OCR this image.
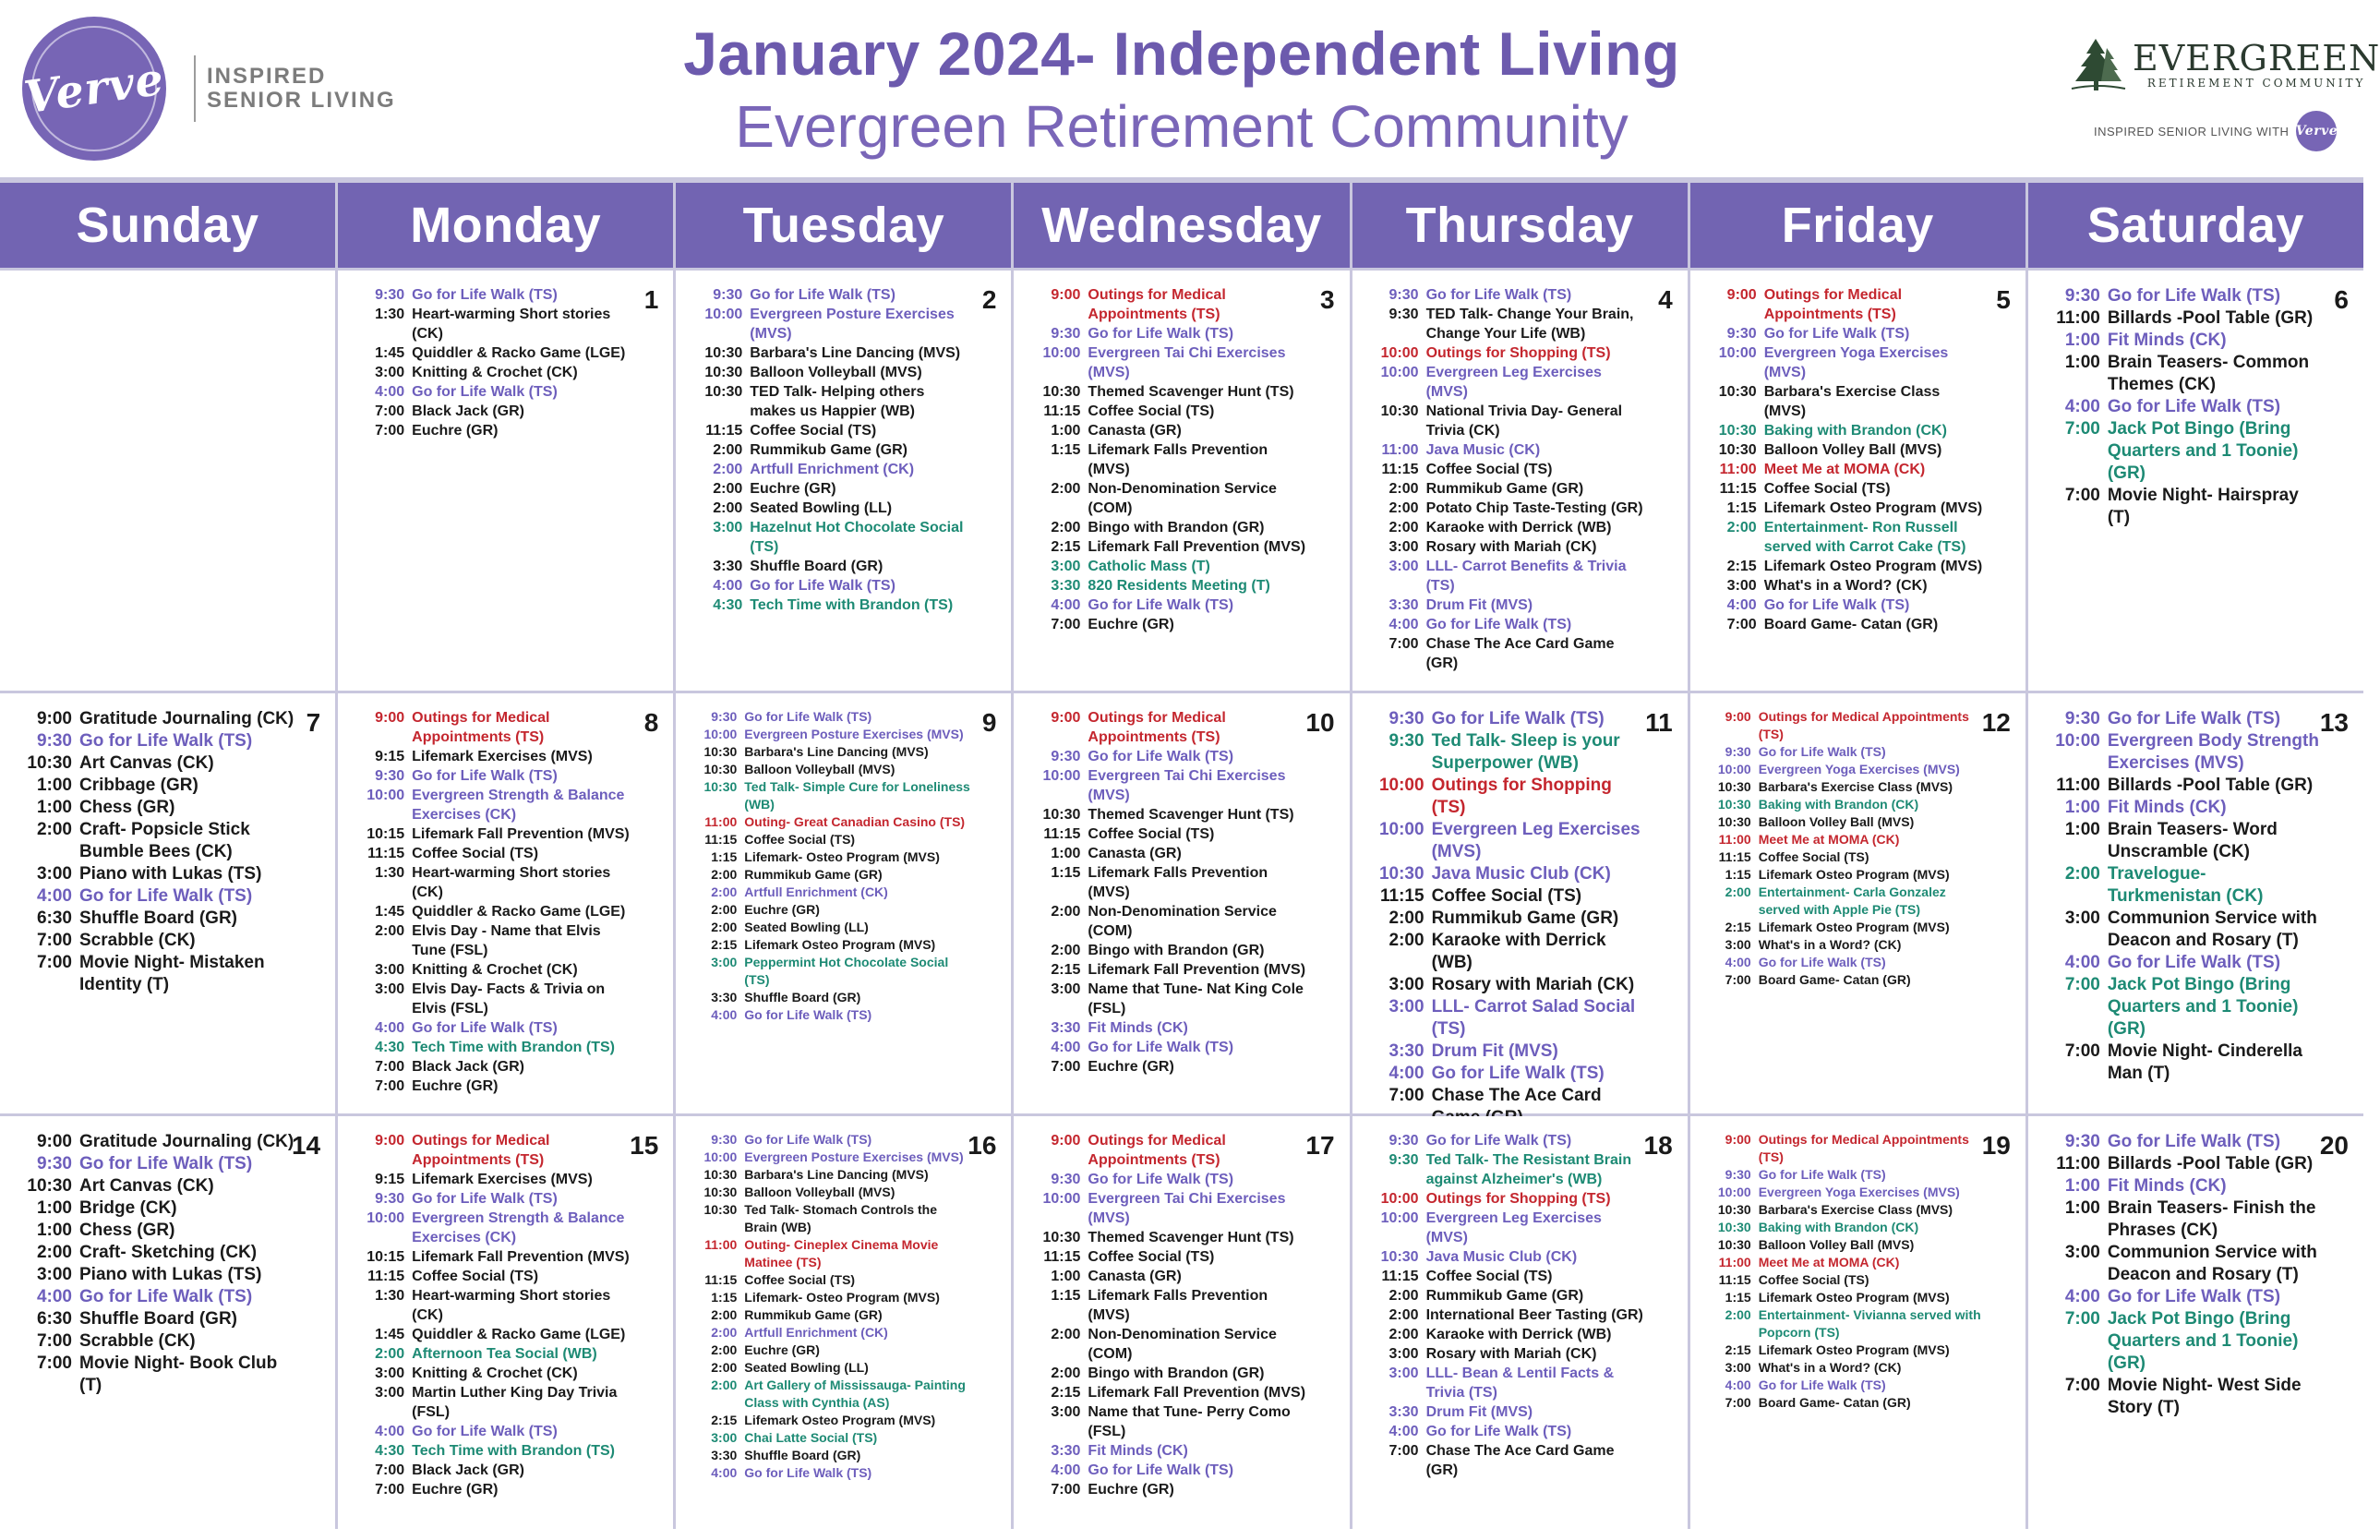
Verve INSPIRED
SENIOR LIVING
January 2024- Independent Living
Evergreen Retirement Community
EVERGREEN
RETIREMENT COMMUNITY
INSPIRED SENIOR LIVING WITH Verve
Sunday	Monday	Tuesday	Wednesday	Thursday	Friday	Saturday
1
9:30 Go for Life Walk (TS)
1:30 Heart-warming Short stories (CK)
1:45 Quiddler & Racko Game (LGE)
3:00 Knitting & Crochet (CK)
4:00 Go for Life Walk (TS)
7:00 Black Jack (GR)
7:00 Euchre (GR)
2
9:30 Go for Life Walk (TS)
10:00 Evergreen Posture Exercises (MVS)
10:30 Barbara's Line Dancing (MVS)
10:30 Balloon Volleyball (MVS)
10:30 TED Talk- Helping others makes us Happier (WB)
11:15 Coffee Social (TS)
2:00 Rummikub Game (GR)
2:00 Artfull Enrichment (CK)
2:00 Euchre (GR)
2:00 Seated Bowling (LL)
3:00 Hazelnut Hot Chocolate Social (TS)
3:30 Shuffle Board (GR)
4:00 Go for Life Walk (TS)
4:30 Tech Time with Brandon (TS)
3
9:00 Outings for Medical Appointments (TS)
9:30 Go for Life Walk (TS)
10:00 Evergreen Tai Chi Exercises (MVS)
10:30 Themed Scavenger Hunt (TS)
11:15 Coffee Social (TS)
1:00 Canasta (GR)
1:15 Lifemark Falls Prevention (MVS)
2:00 Non-Denomination Service (COM)
2:00 Bingo with Brandon (GR)
2:15 Lifemark Fall Prevention (MVS)
3:00 Catholic Mass (T)
3:30 820 Residents Meeting (T)
4:00 Go for Life Walk (TS)
7:00 Euchre (GR)
4
9:30 Go for Life Walk (TS)
9:30 TED Talk- Change Your Brain, Change Your Life (WB)
10:00 Outings for Shopping (TS)
10:00 Evergreen Leg Exercises (MVS)
10:30 National Trivia Day- General Trivia (CK)
11:00 Java Music (CK)
11:15 Coffee Social (TS)
2:00 Rummikub Game (GR)
2:00 Potato Chip Taste-Testing (GR)
2:00 Karaoke with Derrick (WB)
3:00 Rosary with Mariah (CK)
3:00 LLL- Carrot Benefits & Trivia (TS)
3:30 Drum Fit (MVS)
4:00 Go for Life Walk (TS)
7:00 Chase The Ace Card Game (GR)
5
9:00 Outings for Medical Appointments (TS)
9:30 Go for Life Walk (TS)
10:00 Evergreen Yoga Exercises (MVS)
10:30 Barbara's Exercise Class (MVS)
10:30 Baking with Brandon (CK)
10:30 Balloon Volley Ball (MVS)
11:00 Meet Me at MOMA (CK)
11:15 Coffee Social (TS)
1:15 Lifemark Osteo Program (MVS)
2:00 Entertainment- Ron Russell served with Carrot Cake (TS)
2:15 Lifemark Osteo Program (MVS)
3:00 What's in a Word? (CK)
4:00 Go for Life Walk (TS)
7:00 Board Game- Catan (GR)
6
9:30 Go for Life Walk (TS)
11:00 Billards -Pool Table (GR)
1:00 Fit Minds (CK)
1:00 Brain Teasers- Common Themes (CK)
4:00 Go for Life Walk (TS)
7:00 Jack Pot Bingo (Bring Quarters and 1 Toonie) (GR)
7:00 Movie Night- Hairspray (T)
7
9:00 Gratitude Journaling (CK)
9:30 Go for Life Walk (TS)
10:30 Art Canvas (CK)
1:00 Cribbage (GR)
1:00 Chess (GR)
2:00 Craft- Popsicle Stick Bumble Bees (CK)
3:00 Piano with Lukas (TS)
4:00 Go for Life Walk (TS)
6:30 Shuffle Board (GR)
7:00 Scrabble (CK)
7:00 Movie Night- Mistaken Identity (T)
8
9:00 Outings for Medical Appointments (TS)
9:15 Lifemark Exercises (MVS)
9:30 Go for Life Walk (TS)
10:00 Evergreen Strength & Balance Exercises (CK)
10:15 Lifemark Fall Prevention (MVS)
11:15 Coffee Social (TS)
1:30 Heart-warming Short stories (CK)
1:45 Quiddler & Racko Game (LGE)
2:00 Elvis Day - Name that Elvis Tune (FSL)
3:00 Knitting & Crochet (CK)
3:00 Elvis Day- Facts & Trivia on Elvis (FSL)
4:00 Go for Life Walk (TS)
4:30 Tech Time with Brandon (TS)
7:00 Black Jack (GR)
7:00 Euchre (GR)
9
9:30 Go for Life Walk (TS)
10:00 Evergreen Posture Exercises (MVS)
10:30 Barbara's Line Dancing (MVS)
10:30 Balloon Volleyball (MVS)
10:30 Ted Talk- Simple Cure for Loneliness (WB)
11:00 Outing- Great Canadian Casino (TS)
11:15 Coffee Social (TS)
1:15 Lifemark- Osteo Program (MVS)
2:00 Rummikub Game (GR)
2:00 Artfull Enrichment (CK)
2:00 Euchre (GR)
2:00 Seated Bowling (LL)
2:15 Lifemark Osteo Program (MVS)
3:00 Peppermint Hot Chocolate Social (TS)
3:30 Shuffle Board (GR)
4:00 Go for Life Walk (TS)
10
9:00 Outings for Medical Appointments (TS)
9:30 Go for Life Walk (TS)
10:00 Evergreen Tai Chi Exercises (MVS)
10:30 Themed Scavenger Hunt (TS)
11:15 Coffee Social (TS)
1:00 Canasta (GR)
1:15 Lifemark Falls Prevention (MVS)
2:00 Non-Denomination Service (COM)
2:00 Bingo with Brandon (GR)
2:15 Lifemark Fall Prevention (MVS)
3:00 Name that Tune- Nat King Cole (FSL)
3:30 Fit Minds (CK)
4:00 Go for Life Walk (TS)
7:00 Euchre (GR)
11
9:30 Go for Life Walk (TS)
9:30 Ted Talk- Sleep is your Superpower (WB)
10:00 Outings for Shopping (TS)
10:00 Evergreen Leg Exercises (MVS)
10:30 Java Music Club (CK)
11:15 Coffee Social (TS)
2:00 Rummikub Game (GR)
2:00 Karaoke with Derrick (WB)
3:00 Rosary with Mariah (CK)
3:00 LLL- Carrot Salad Social (TS)
3:30 Drum Fit (MVS)
4:00 Go for Life Walk (TS)
7:00 Chase The Ace Card
12
9:00 Outings for Medical Appointments (TS)
9:30 Go for Life Walk (TS)
10:00 Evergreen Yoga Exercises (MVS)
10:30 Barbara's Exercise Class (MVS)
10:30 Baking with Brandon (CK)
10:30 Balloon Volley Ball (MVS)
11:00 Meet Me at MOMA (CK)
11:15 Coffee Social (TS)
1:15 Lifemark Osteo Program (MVS)
2:00 Entertainment- Carla Gonzalez served with Apple Pie (TS)
2:15 Lifemark Osteo Program (MVS)
3:00 What's in a Word? (CK)
4:00 Go for Life Walk (TS)
7:00 Board Game- Catan (GR)
13
9:30 Go for Life Walk (TS)
10:00 Evergreen Body Strength Exercises (MVS)
11:00 Billards -Pool Table (GR)
1:00 Fit Minds (CK)
1:00 Brain Teasers- Word Unscramble (CK)
2:00 Travelogue- Turkmenistan (CK)
3:00 Communion Service with Deacon and Rosary (T)
4:00 Go for Life Walk (TS)
7:00 Jack Pot Bingo (Bring Quarters and 1 Toonie) (GR)
7:00 Movie Night- Cinderella Man (T)
14
9:00 Gratitude Journaling (CK)
9:30 Go for Life Walk (TS)
10:30 Art Canvas (CK)
1:00 Bridge (CK)
1:00 Chess (GR)
2:00 Craft- Sketching (CK)
3:00 Piano with Lukas (TS)
4:00 Go for Life Walk (TS)
6:30 Shuffle Board (GR)
7:00 Scrabble (CK)
7:00 Movie Night- Book Club (T)
15
9:00 Outings for Medical Appointments (TS)
9:15 Lifemark Exercises (MVS)
9:30 Go for Life Walk (TS)
10:00 Evergreen Strength & Balance Exercises (CK)
10:15 Lifemark Fall Prevention (MVS)
11:15 Coffee Social (TS)
1:30 Heart-warming Short stories (CK)
1:45 Quiddler & Racko Game (LGE)
2:00 Afternoon Tea Social (WB)
3:00 Knitting & Crochet (CK)
3:00 Martin Luther King Day Trivia (FSL)
4:00 Go for Life Walk (TS)
4:30 Tech Time with Brandon (TS)
7:00 Black Jack (GR)
7:00 Euchre (GR)
16
9:30 Go for Life Walk (TS)
10:00 Evergreen Posture Exercises (MVS)
10:30 Barbara's Line Dancing (MVS)
10:30 Balloon Volleyball (MVS)
10:30 Ted Talk- Stomach Controls the Brain (WB)
11:00 Outing- Cineplex Cinema Movie Matinee (TS)
11:15 Coffee Social (TS)
1:15 Lifemark- Osteo Program (MVS)
2:00 Rummikub Game (GR)
2:00 Artfull Enrichment (CK)
2:00 Euchre (GR)
2:00 Seated Bowling (LL)
2:00 Art Gallery of Mississauga- Painting Class with Cynthia (AS)
2:15 Lifemark Osteo Program (MVS)
3:00 Chai Latte Social (TS)
3:30 Shuffle Board (GR)
4:00 Go for Life Walk (TS)
17
9:00 Outings for Medical Appointments (TS)
9:30 Go for Life Walk (TS)
10:00 Evergreen Tai Chi Exercises (MVS)
10:30 Themed Scavenger Hunt (TS)
11:15 Coffee Social (TS)
1:00 Canasta (GR)
1:15 Lifemark Falls Prevention (MVS)
2:00 Non-Denomination Service (COM)
2:00 Bingo with Brandon (GR)
2:15 Lifemark Fall Prevention (MVS)
3:00 Name that Tune- Perry Como (FSL)
3:30 Fit Minds (CK)
4:00 Go for Life Walk (TS)
7:00 Euchre (GR)
18
9:30 Go for Life Walk (TS)
9:30 Ted Talk- The Resistant Brain against Alzheimer's (WB)
10:00 Outings for Shopping (TS)
10:00 Evergreen Leg Exercises (MVS)
10:30 Java Music Club (CK)
11:15 Coffee Social (TS)
2:00 Rummikub Game (GR)
2:00 International Beer Tasting (GR)
2:00 Karaoke with Derrick (WB)
3:00 Rosary with Mariah (CK)
3:00 LLL- Bean & Lentil Facts & Trivia (TS)
3:30 Drum Fit (MVS)
4:00 Go for Life Walk (TS)
7:00 Chase The Ace Card Game (GR)
19
9:00 Outings for Medical Appointments (TS)
9:30 Go for Life Walk (TS)
10:00 Evergreen Yoga Exercises (MVS)
10:30 Barbara's Exercise Class (MVS)
10:30 Baking with Brandon (CK)
10:30 Balloon Volley Ball (MVS)
11:00 Meet Me at MOMA (CK)
11:15 Coffee Social (TS)
1:15 Lifemark Osteo Program (MVS)
2:00 Entertainment- Vivianna served with Popcorn (TS)
2:15 Lifemark Osteo Program (MVS)
3:00 What's in a Word? (CK)
4:00 Go for Life Walk (TS)
7:00 Board Game- Catan (GR)
20
9:30 Go for Life Walk (TS)
11:00 Billards -Pool Table (GR)
1:00 Fit Minds (CK)
1:00 Brain Teasers- Finish the Phrases (CK)
3:00 Communion Service with Deacon and Rosary (T)
4:00 Go for Life Walk (TS)
7:00 Jack Pot Bingo (Bring Quarters and 1 Toonie) (GR)
7:00 Movie Night- West Side Story (T)
